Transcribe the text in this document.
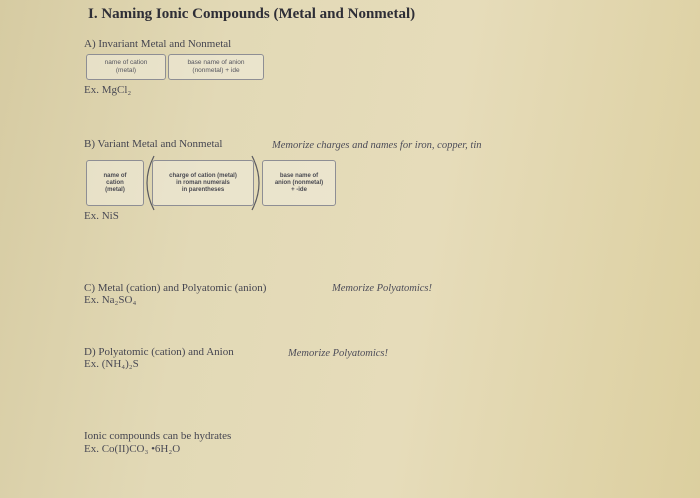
I. Naming Ionic Compounds (Metal and Nonmetal)
A) Invariant Metal and Nonmetal
name of cation
(metal)
base name of anion
(nonmetal) + ide
Ex. MgCl₂
B) Variant Metal and Nonmetal	Memorize charges and names for iron, copper, tin
name of
cation
(metal)
charge of cation (metal)
in roman numerals
in parentheses
base name of
anion (nonmetal)
+ -ide
Ex. NiS
C) Metal (cation) and Polyatomic (anion)	Memorize Polyatomics!
Ex. Na₂SO₄
D) Polyatomic (cation) and Anion	Memorize Polyatomics!
Ex. (NH₄)₂S
Ionic compounds can be hydrates
Ex. Co(II)CO₃ •6H₂O
